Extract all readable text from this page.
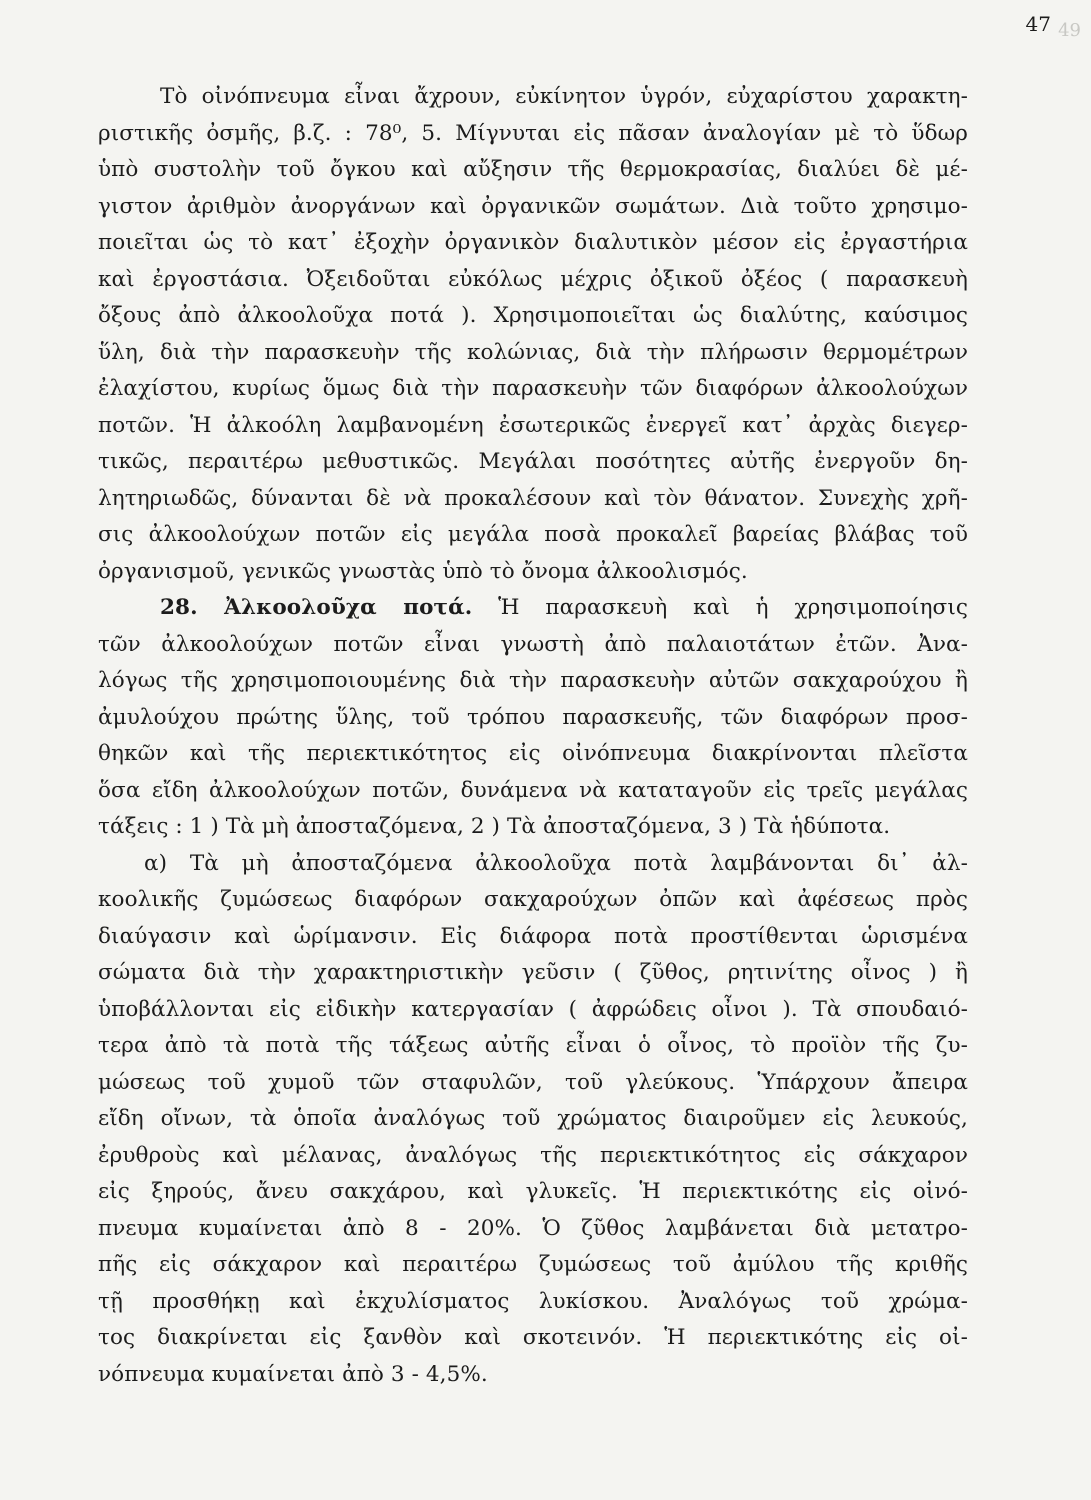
47 49
Τὸ οἰνόπνευμα εἶναι ἄχρουν, εὐκίνητον ὑγρόν, εὐχαρίστου χαρακτη-
ριστικῆς ὀσμῆς, β.ζ. : 78⁰, 5. Μίγνυται εἰς πᾶσαν ἀναλογίαν μὲ τὸ ὕδωρ
ὑπὸ συστολὴν τοῦ ὄγκου καὶ αὔξησιν τῆς θερμοκρασίας, διαλύει δὲ μέ-
γιστον ἀριθμὸν ἀνοργάνων καὶ ὀργανικῶν σωμάτων. Διὰ τοῦτο χρησιμο-
ποιεῖται ὡς τὸ κατ᾽ ἐξοχὴν ὀργανικὸν διαλυτικὸν μέσον εἰς ἐργαστήρια
καὶ ἐργοστάσια. Ὀξειδοῦται εὐκόλως μέχρις ὀξικοῦ ὀξέος ( παρασκευὴ
ὄξους ἀπὸ ἀλκοολοῦχα ποτά ). Χρησιμοποιεῖται ὡς διαλύτης, καύσιμος
ὕλη, διὰ τὴν παρασκευὴν τῆς κολώνιας, διὰ τὴν πλήρωσιν θερμομέτρων
ἐλαχίστου, κυρίως ὅμως διὰ τὴν παρασκευὴν τῶν διαφόρων ἀλκοολούχων
ποτῶν. Ἡ ἀλκοόλη λαμβανομένη ἐσωτερικῶς ἐνεργεῖ κατ᾽ ἀρχὰς διεγερ-
τικῶς, περαιτέρω μεθυστικῶς. Μεγάλαι ποσότητες αὐτῆς ἐνεργοῦν δη-
λητηριωδῶς, δύνανται δὲ νὰ προκαλέσουν καὶ τὸν θάνατον. Συνεχὴς χρῆ-
σις ἀλκοολούχων ποτῶν εἰς μεγάλα ποσὰ προκαλεῖ βαρείας βλάβας τοῦ
ὀργανισμοῦ, γενικῶς γνωστὰς ὑπὸ τὸ ὄνομα ἀλκοολισμός.
28. Ἀλκοολοῦχα ποτά. Ἡ παρασκευὴ καὶ ἡ χρησιμοποίησις
τῶν ἀλκοολούχων ποτῶν εἶναι γνωστὴ ἀπὸ παλαιοτάτων ἐτῶν. Ἀνα-
λόγως τῆς χρησιμοποιουμένης διὰ τὴν παρασκευὴν αὐτῶν σακχαρούχου ἢ
ἀμυλούχου πρώτης ὕλης, τοῦ τρόπου παρασκευῆς, τῶν διαφόρων προσ-
θηκῶν καὶ τῆς περιεκτικότητος εἰς οἰνόπνευμα διακρίνονται πλεῖστα
ὅσα εἴδη ἀλκοολούχων ποτῶν, δυνάμενα νὰ καταταγοῦν εἰς τρεῖς μεγάλας
τάξεις : 1 ) Τὰ μὴ ἀποσταζόμενα, 2 ) Τὰ ἀποσταζόμενα, 3 ) Τὰ ἡδύποτα.
α) Τὰ μὴ ἀποσταζόμενα ἀλκοολοῦχα ποτὰ λαμβάνονται δι᾽ ἀλ-
κοολικῆς ζυμώσεως διαφόρων σακχαρούχων ὀπῶν καὶ ἀφέσεως πρὸς
διαύγασιν καὶ ὡρίμανσιν. Εἰς διάφορα ποτὰ προστίθενται ὡρισμένα
σώματα διὰ τὴν χαρακτηριστικὴν γεῦσιν ( ζῦθος, ρητινίτης οἶνος ) ἢ
ὑποβάλλονται εἰς εἰδικὴν κατεργασίαν ( ἀφρώδεις οἶνοι ). Τὰ σπουδαιό-
τερα ἀπὸ τὰ ποτὰ τῆς τάξεως αὐτῆς εἶναι ὁ οἶνος, τὸ προϊὸν τῆς ζυ-
μώσεως τοῦ χυμοῦ τῶν σταφυλῶν, τοῦ γλεύκους. Ὑπάρχουν ἄπειρα
εἴδη οἴνων, τὰ ὁποῖα ἀναλόγως τοῦ χρώματος διαιροῦμεν εἰς λευκούς,
ἐρυθροὺς καὶ μέλανας, ἀναλόγως τῆς περιεκτικότητος εἰς σάκχαρον
εἰς ξηρούς, ἄνευ σακχάρου, καὶ γλυκεῖς. Ἡ περιεκτικότης εἰς οἰνό-
πνευμα κυμαίνεται ἀπὸ 8 - 20%. Ὁ ζῦθος λαμβάνεται διὰ μετατρο-
πῆς εἰς σάκχαρον καὶ περαιτέρω ζυμώσεως τοῦ ἀμύλου τῆς κριθῆς
τῇ προσθήκῃ καὶ ἐκχυλίσματος λυκίσκου. Ἀναλόγως τοῦ χρώμα-
τος διακρίνεται εἰς ξανθὸν καὶ σκοτεινόν. Ἡ περιεκτικότης εἰς οἰ-
νόπνευμα κυμαίνεται ἀπὸ 3 - 4,5%.
